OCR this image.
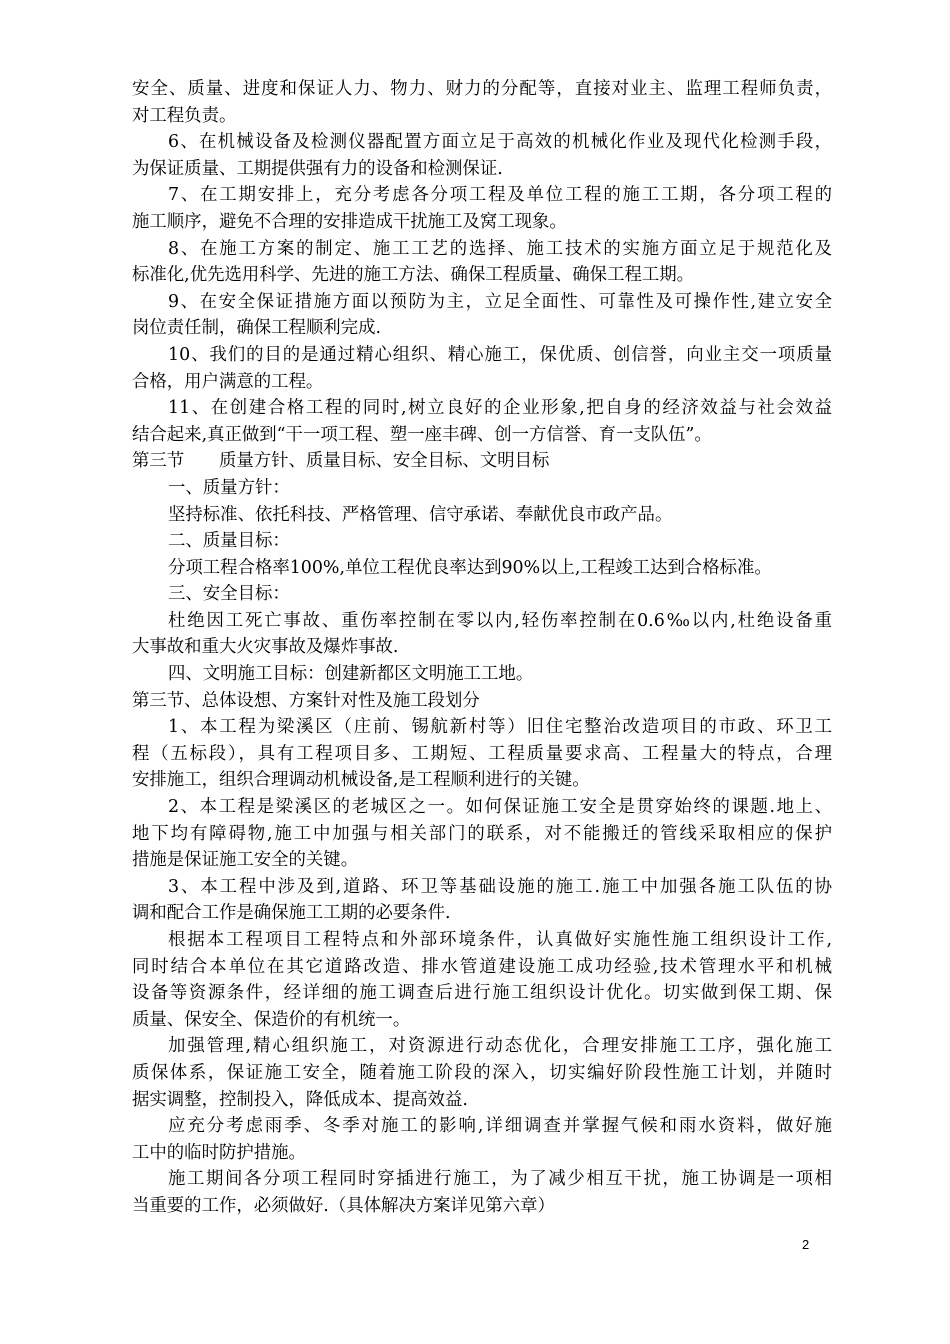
安全、质量、进度和保证人力、物力、财力的分配等，直接对业主、监理工程师负责，
对工程负责。
6、在机械设备及检测仪器配置方面立足于高效的机械化作业及现代化检测手段，
为保证质量、工期提供强有力的设备和检测保证.
7、在工期安排上，充分考虑各分项工程及单位工程的施工工期，各分项工程的
施工顺序，避免不合理的安排造成干扰施工及窝工现象。
8、在施工方案的制定、施工工艺的选择、施工技术的实施方面立足于规范化及
标准化,优先选用科学、先进的施工方法、确保工程质量、确保工程工期。
9、在安全保证措施方面以预防为主，立足全面性、可靠性及可操作性,建立安全
岗位责任制，确保工程顺利完成.
10、我们的目的是通过精心组织、精心施工，保优质、创信誉，向业主交一项质量
合格，用户满意的工程。
11、在创建合格工程的同时,树立良好的企业形象,把自身的经济效益与社会效益
结合起来,真正做到“干一项工程、塑一座丰碑、创一方信誉、育一支队伍”。
第三节　　质量方针、质量目标、安全目标、文明目标
一、质量方针：
坚持标准、依托科技、严格管理、信守承诺、奉献优良市政产品。
二、质量目标：
分项工程合格率100%,单位工程优良率达到90%以上,工程竣工达到合格标准。
三、安全目标：
杜绝因工死亡事故、重伤率控制在零以内,轻伤率控制在0.6‰以内,杜绝设备重
大事故和重大火灾事故及爆炸事故.
四、文明施工目标：创建新都区文明施工工地。
第三节、总体设想、方案针对性及施工段划分
1、本工程为梁溪区（庄前、锡航新村等）旧住宅整治改造项目的市政、环卫工
程（五标段），具有工程项目多、工期短、工程质量要求高、工程量大的特点，合理
安排施工，组织合理调动机械设备,是工程顺利进行的关键。
2、本工程是梁溪区的老城区之一。如何保证施工安全是贯穿始终的课题.地上、
地下均有障碍物,施工中加强与相关部门的联系，对不能搬迁的管线采取相应的保护
措施是保证施工安全的关键。
3、本工程中涉及到,道路、环卫等基础设施的施工.施工中加强各施工队伍的协
调和配合工作是确保施工工期的必要条件.
根据本工程项目工程特点和外部环境条件，认真做好实施性施工组织设计工作,
同时结合本单位在其它道路改造、排水管道建设施工成功经验,技术管理水平和机械
设备等资源条件，经详细的施工调查后进行施工组织设计优化。切实做到保工期、保
质量、保安全、保造价的有机统一。
加强管理,精心组织施工，对资源进行动态优化，合理安排施工工序，强化施工
质保体系，保证施工安全，随着施工阶段的深入，切实编好阶段性施工计划，并随时
据实调整，控制投入，降低成本、提高效益.
应充分考虑雨季、冬季对施工的影响,详细调查并掌握气候和雨水资料，做好施
工中的临时防护措施。
施工期间各分项工程同时穿插进行施工，为了减少相互干扰，施工协调是一项相
当重要的工作，必须做好.（具体解决方案详见第六章）
2
